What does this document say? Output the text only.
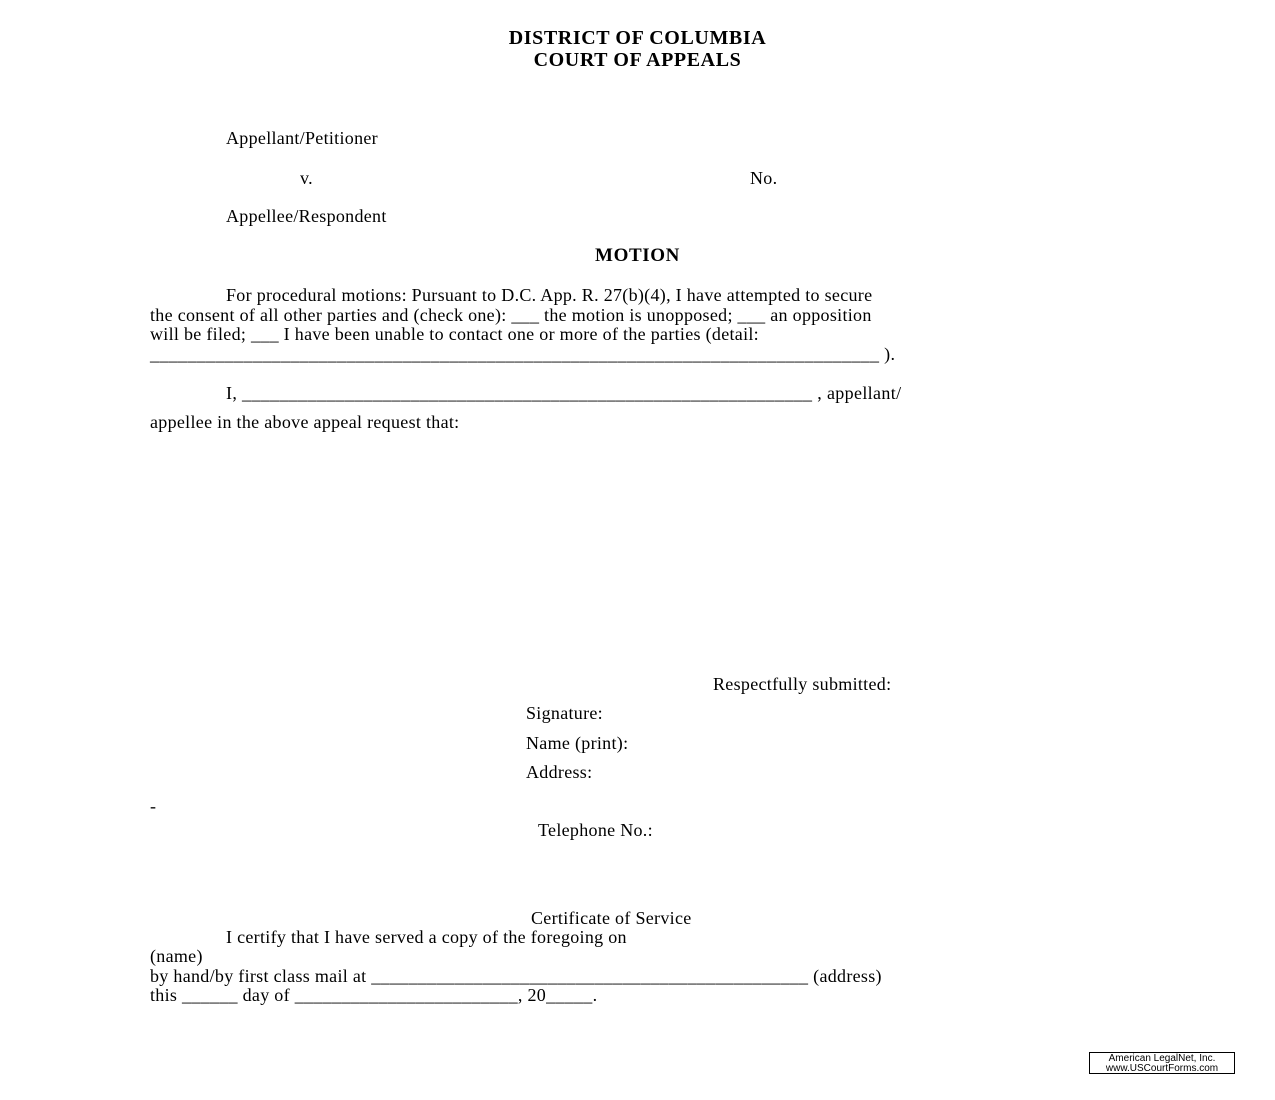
DISTRICT OF COLUMBIA
COURT OF APPEALS
Appellant/Petitioner
v.	No.
Appellee/Respondent
MOTION
For procedural motions: Pursuant to D.C. App. R. 27(b)(4), I have attempted to secure
the consent of all other parties and (check one): ___ the motion is unopposed; ___ an opposition
will be filed; ___ I have been unable to contact one or more of the parties (detail:
______________________________________________________________________________ ).
I, _____________________________________________________________ , appellant/
appellee in the above appeal request that:
Respectfully submitted:
Signature:
Name (print):
Address:
-
Telephone No.:
Certificate of Service
I certify that I have served a copy of the foregoing on
(name)
by hand/by first class mail at _______________________________________________ (address)
this ______ day of ________________________, 20_____.
American LegalNet, Inc.
www.USCourtForms.com
